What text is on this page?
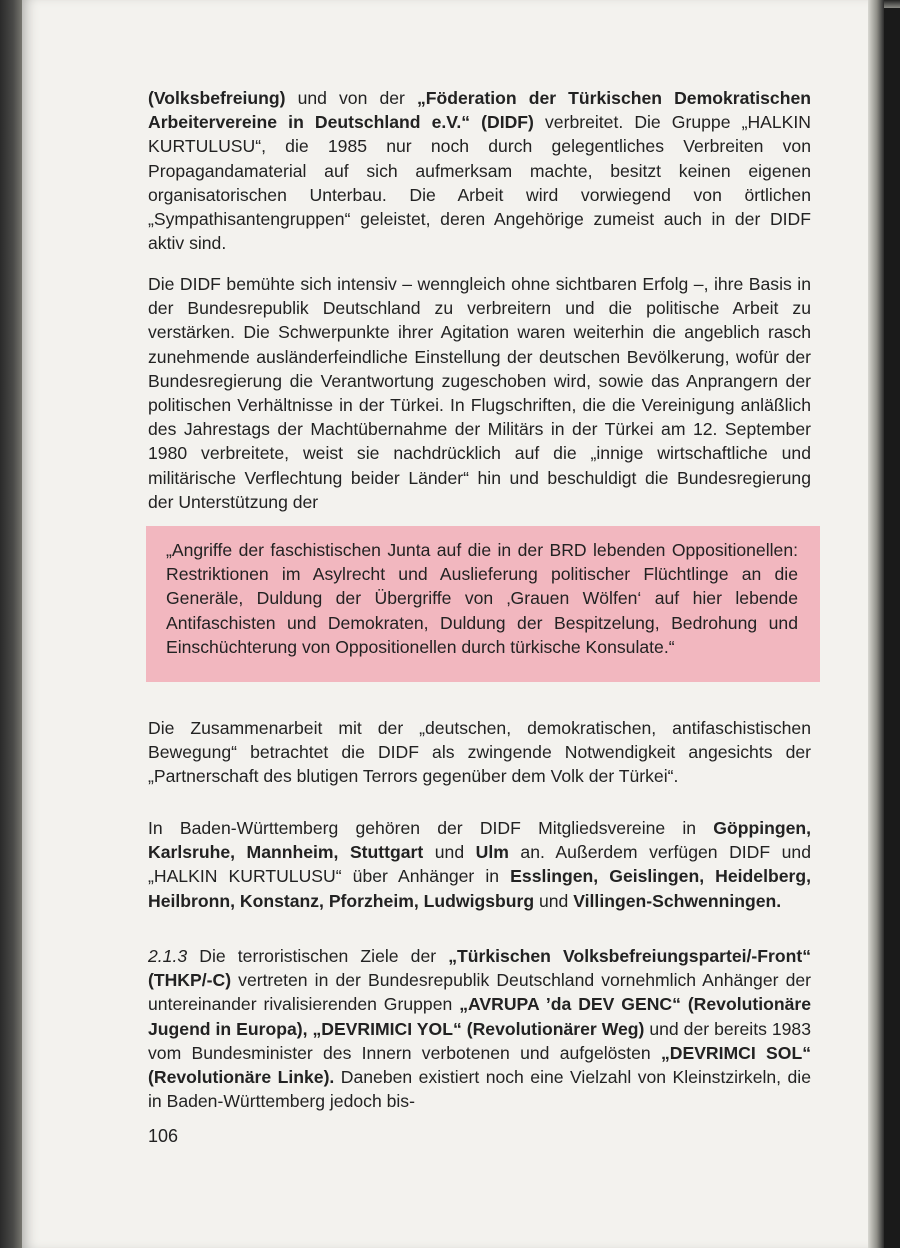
(Volksbefreiung) und von der „Föderation der Türkischen Demokratischen Arbeitervereine in Deutschland e.V.“ (DIDF) verbreitet. Die Gruppe „HALKIN KURTULUSU“, die 1985 nur noch durch gelegentliches Verbreiten von Propagandamaterial auf sich aufmerksam machte, besitzt keinen eigenen organisatorischen Unterbau. Die Arbeit wird vorwiegend von örtlichen „Sympathisantengruppen“ geleistet, deren Angehörige zumeist auch in der DIDF aktiv sind.

Die DIDF bemühte sich intensiv – wenngleich ohne sichtbaren Erfolg –, ihre Basis in der Bundesrepublik Deutschland zu verbreitern und die politische Arbeit zu verstärken. Die Schwerpunkte ihrer Agitation waren weiterhin die angeblich rasch zunehmende ausländerfeindliche Einstellung der deutschen Bevölkerung, wofür der Bundesregierung die Verantwortung zugeschoben wird, sowie das Anprangern der politischen Verhältnisse in der Türkei. In Flugschriften, die die Vereinigung anläßlich des Jahrestags der Machtübernahme der Militärs in der Türkei am 12. September 1980 verbreitete, weist sie nachdrücklich auf die „innige wirtschaftliche und militärische Verflechtung beider Länder“ hin und beschuldigt die Bundesregierung der Unterstützung der

Die Zusammenarbeit mit der „deutschen, demokratischen, antifaschistischen Bewegung“ betrachtet die DIDF als zwingende Notwendigkeit angesichts der „Partnerschaft des blutigen Terrors gegenüber dem Volk der Türkei“.

In Baden-Württemberg gehören der DIDF Mitgliedsvereine in Göppingen, Karlsruhe, Mannheim, Stuttgart und Ulm an. Außerdem verfügen DIDF und „HALKIN KURTULUSU“ über Anhänger in Esslingen, Geislingen, Heidelberg, Heilbronn, Konstanz, Pforzheim, Ludwigsburg und Villingen-Schwenningen.

2.1.3 Die terroristischen Ziele der „Türkischen Volksbefreiungspartei/-Front“ (THKP/-C) vertreten in der Bundesrepublik Deutschland vornehmlich Anhänger der untereinander rivalisierenden Gruppen „AVRUPA ’da DEV GENC“ (Revolutionäre Jugend in Europa), „DEVRIMICI YOL“ (Revolutionärer Weg) und der bereits 1983 vom Bundesminister des Innern verbotenen und aufgelösten „DEVRIMCI SOL“ (Revolutionäre Linke). Daneben existiert noch eine Vielzahl von Kleinstzirkeln, die in Baden-Württemberg jedoch bis-

„Angriffe der faschistischen Junta auf die in der BRD lebenden Oppositionellen: Restriktionen im Asylrecht und Auslieferung politischer Flüchtlinge an die Generäle, Duldung der Übergriffe von ‚Grauen Wölfen‘ auf hier lebende Antifaschisten und Demokraten, Duldung der Bespitzelung, Bedrohung und Einschüchterung von Oppositionellen durch türkische Konsulate.“
106
